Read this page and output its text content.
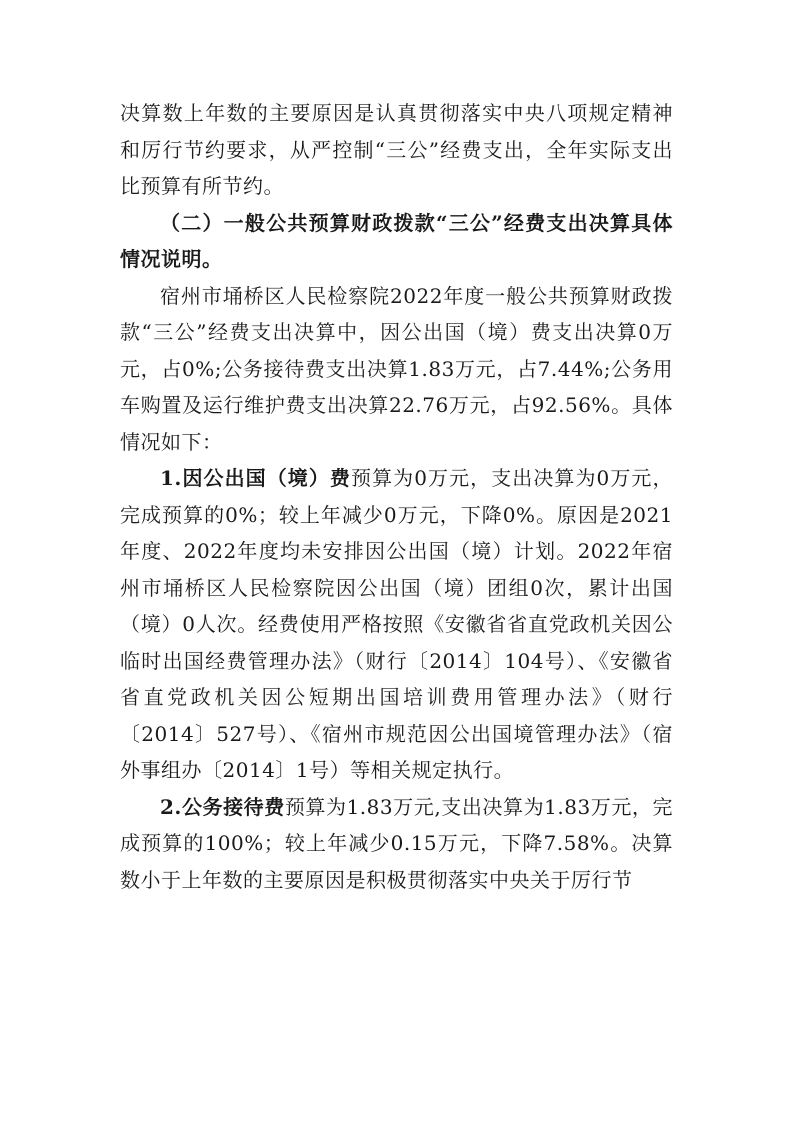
决算数上年数的主要原因是认真贯彻落实中央八项规定精神和厉行节约要求，从严控制“三公”经费支出，全年实际支出比预算有所节约。

（二）一般公共预算财政拨款“三公”经费支出决算具体情况说明。

宿州市埇桥区人民检察院2022年度一般公共预算财政拨款“三公”经费支出决算中，因公出国（境）费支出决算0万元，占0%;公务接待费支出决算1.83万元，占7.44%;公务用车购置及运行维护费支出决算22.76万元，占92.56%。具体情况如下：

1.因公出国（境）费预算为0万元，支出决算为0万元，完成预算的0%；较上年减少0万元，下降0%。原因是2021年度、2022年度均未安排因公出国（境）计划。2022年宿州市埇桥区人民检察院因公出国（境）团组0次，累计出国（境）0人次。经费使用严格按照《安徽省省直党政机关因公临时出国经费管理办法》（财行〔2014〕104号）、《安徽省省直党政机关因公短期出国培训费用管理办法》（财行〔2014〕527号）、《宿州市规范因公出国境管理办法》（宿外事组办〔2014〕1号）等相关规定执行。

2.公务接待费预算为1.83万元,支出决算为1.83万元，完成预算的100%；较上年减少0.15万元，下降7.58%。决算数小于上年数的主要原因是积极贯彻落实中央关于厉行节
